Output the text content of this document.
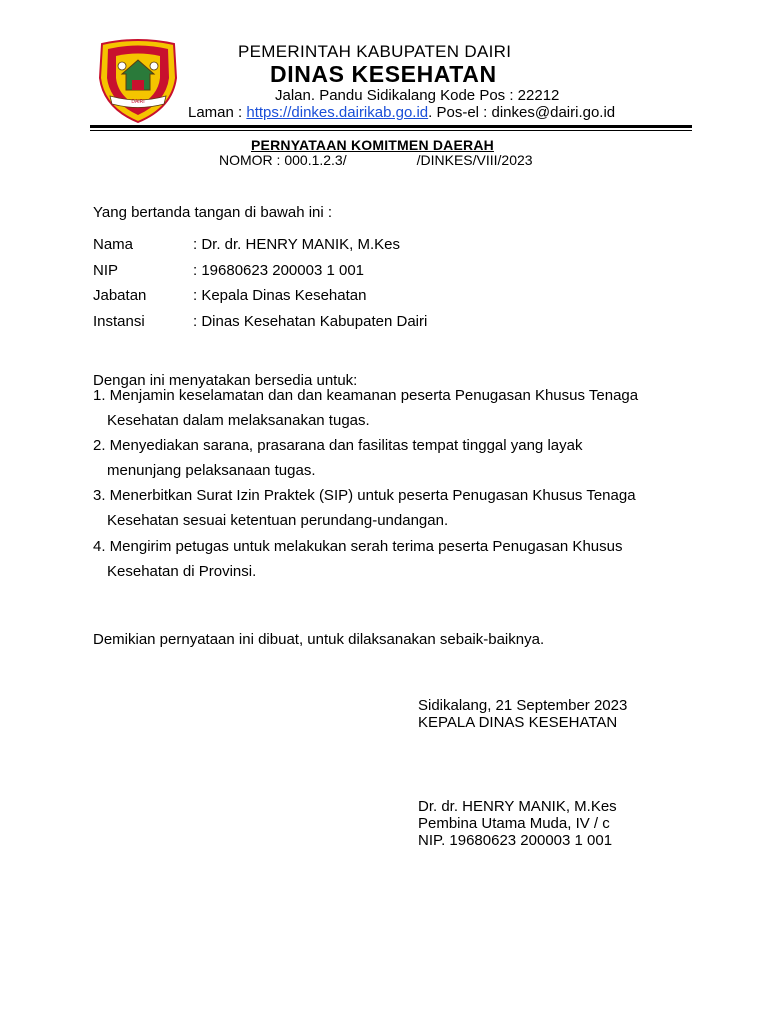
DAIRI
PEMERINTAH KABUPATEN DAIRI
DINAS KESEHATAN
Jalan. Pandu Sidikalang Kode Pos : 22212
Laman : https://dinkes.dairikab.go.id. Pos-el : dinkes@dairi.go.id
PERNYATAAN KOMITMEN DAERAH
NOMOR : 000.1.2.3/	/DINKES/VIII/2023
Yang bertanda tangan di bawah ini :
Nama	: Dr. dr. HENRY MANIK, M.Kes
NIP	: 19680623 200003 1 001
Jabatan	: Kepala Dinas Kesehatan
Instansi	: Dinas Kesehatan Kabupaten Dairi
Dengan ini menyatakan bersedia untuk:
1. Menjamin keselamatan dan dan keamanan peserta Penugasan Khusus Tenaga
Kesehatan dalam melaksanakan tugas.
2. Menyediakan sarana, prasarana dan fasilitas tempat tinggal yang layak
menunjang pelaksanaan tugas.
3. Menerbitkan Surat Izin Praktek (SIP) untuk peserta Penugasan Khusus Tenaga
Kesehatan sesuai ketentuan perundang-undangan.
4. Mengirim petugas untuk melakukan serah terima peserta Penugasan Khusus
Kesehatan di Provinsi.
Demikian pernyataan ini dibuat, untuk dilaksanakan sebaik-baiknya.
Sidikalang, 21 September 2023
KEPALA DINAS KESEHATAN
Dr. dr. HENRY MANIK, M.Kes
Pembina Utama Muda, IV / c
NIP. 19680623 200003 1 001
